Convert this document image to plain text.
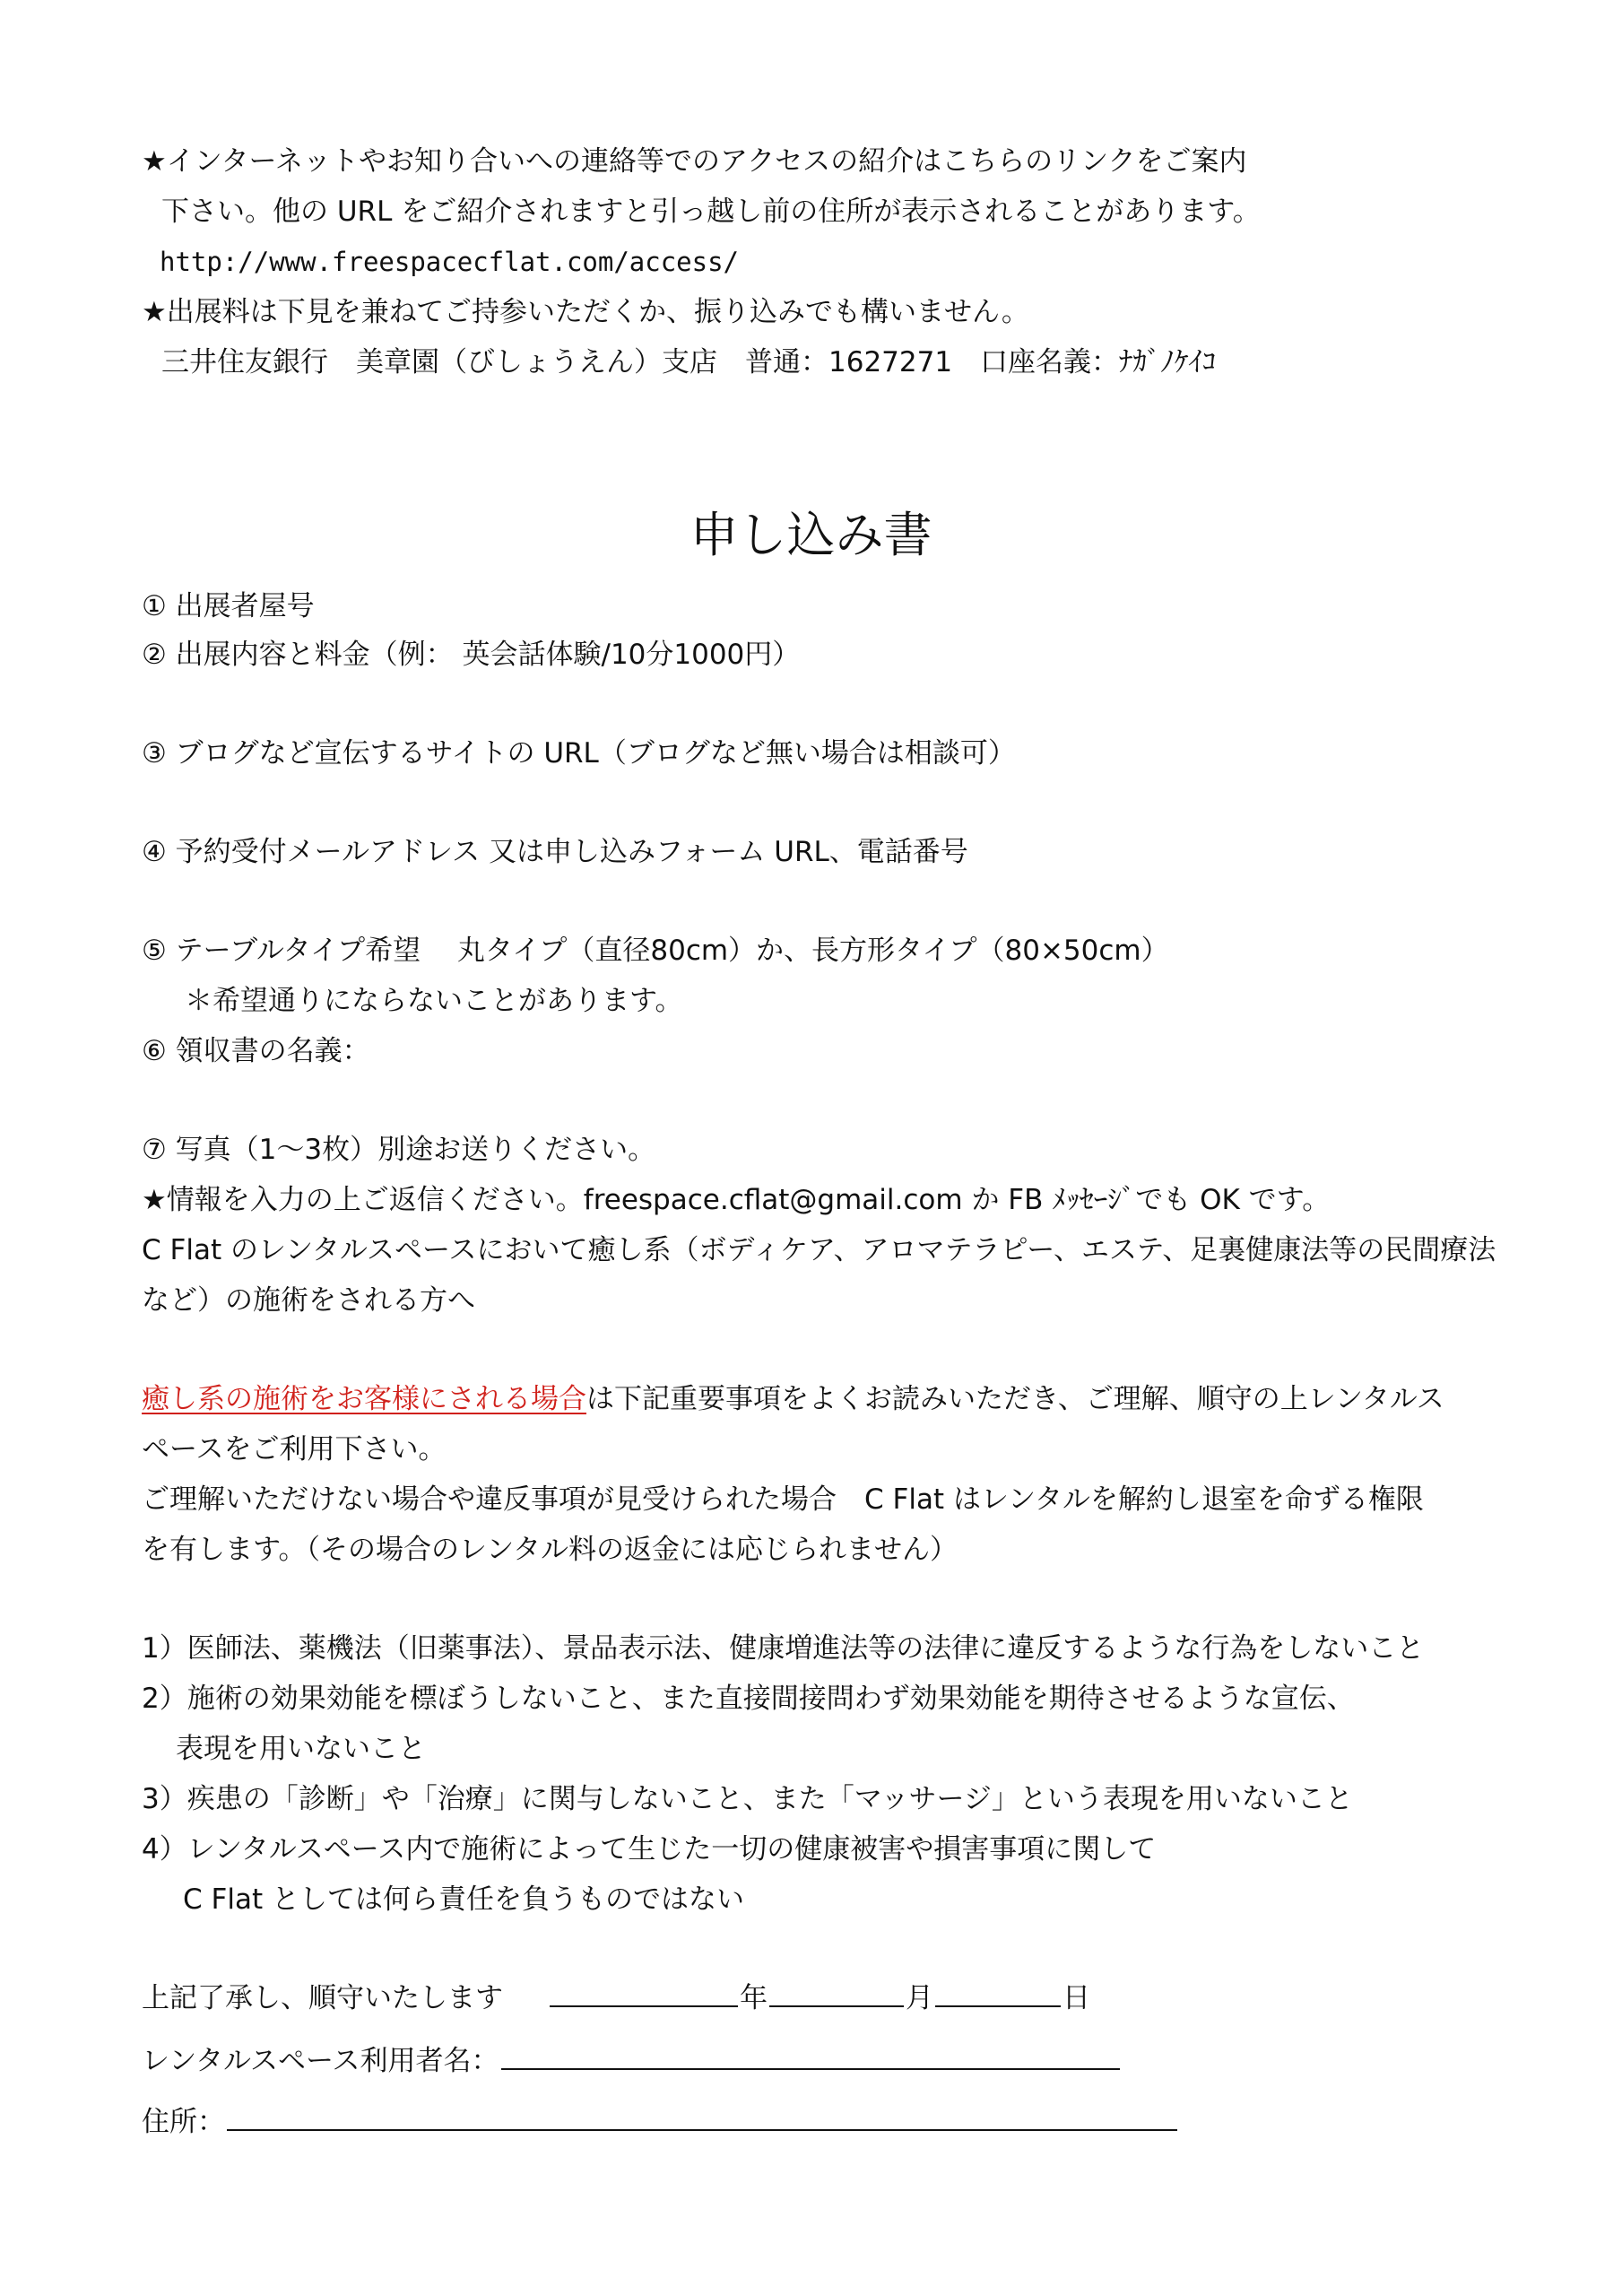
★インターネットやお知り合いへの連絡等でのアクセスの紹介はこちらのリンクをご案内
下さい。他の URL をご紹介されますと引っ越し前の住所が表示されることがあります。
http://www.freespacecflat.com/access/
★出展料は下見を兼ねてご持参いただくか、振り込みでも構いません。
三井住友銀行　美章園（びしょうえん）支店　普通：1627271　口座名義：ﾅｶﾞﾉｹｲｺ
申し込み書
① 出展者屋号
② 出展内容と料金（例： 英会話体験/10分1000円）
③ ブログなど宣伝するサイトの URL（ブログなど無い場合は相談可）
④ 予約受付メールアドレス 又は申し込みフォーム URL、電話番号
⑤ テーブルタイプ希望　 丸タイプ（直径80cm）か、長方形タイプ（80×50cm）
＊希望通りにならないことがあります。
⑥ 領収書の名義：
⑦ 写真（1～3枚）別途お送りください。
★情報を入力の上ご返信ください。freespace.cflat@gmail.com か FB ﾒｯｾｰｼﾞでも OK です。
C Flat のレンタルスペースにおいて癒し系（ボディケア、アロマテラピー、エステ、足裏健康法等の民間療法
など）の施術をされる方へ
癒し系の施術をお客様にされる場合は下記重要事項をよくお読みいただき、ご理解、順守の上レンタルス
ペースをご利用下さい。
ご理解いただけない場合や違反事項が見受けられた場合　C Flat はレンタルを解約し退室を命ずる権限
を有します。（その場合のレンタル料の返金には応じられません）
1）医師法、薬機法（旧薬事法）、景品表示法、健康増進法等の法律に違反するような行為をしないこと
2）施術の効果効能を標ぼうしないこと、また直接間接問わず効果効能を期待させるような宣伝、
表現を用いないこと
3）疾患の「診断」や「治療」に関与しないこと、また「マッサージ」という表現を用いないこと
4）レンタルスペース内で施術によって生じた一切の健康被害や損害事項に関して
C Flat としては何ら責任を負うものではない
上記了承し、順守いたします	年	月	日
レンタルスペース利用者名：
住所：
